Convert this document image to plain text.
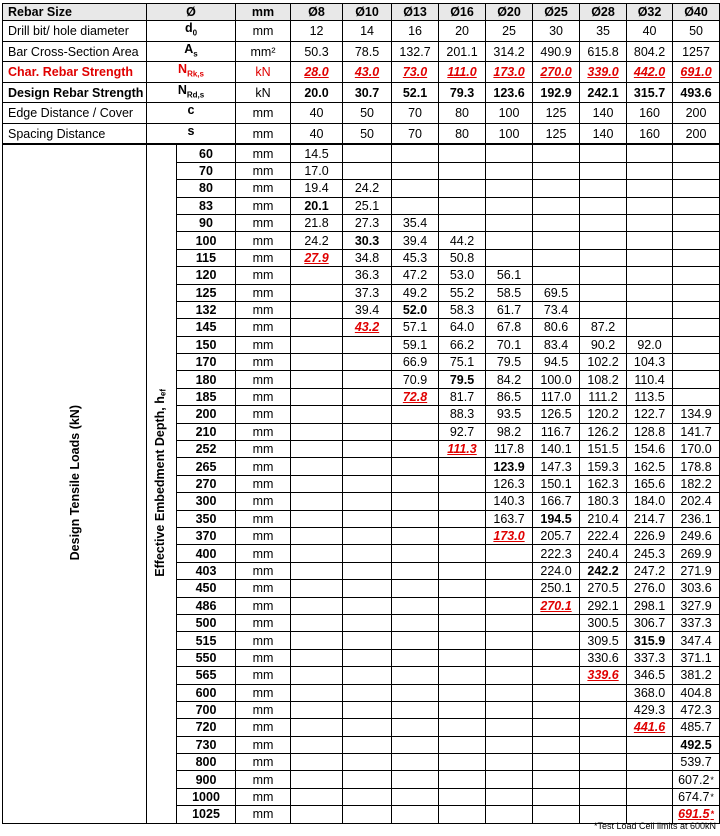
Rebar Size	Ø		mm	Ø8	Ø10	Ø13	Ø16	Ø20	Ø25	Ø28	Ø32	Ø40
Drill bit/ hole diameter	$d_0$		mm	12	14	16	20	25	30	35	40	50
Bar Cross-Section Area	$A_s$		mm²	50.3	78.5	132.7	201.1	314.2	490.9	615.8	804.2	1257
Char. Rebar Strength	$N_{Rk,s}$		kN	28.0	43.0	73.0	111.0	173.0	270.0	339.0	442.0	691.0
Design Rebar Strength	$N_{Rd,s}$		kN	20.0	30.7	52.1	79.3	123.6	192.9	242.1	315.7	493.6
Edge Distance / Cover	c		mm	40	50	70	80	100	125	140	160	200
Spacing Distance	s		mm	40	50	70	80	100	125	140	160	200
Design Tensile Loads (kN)	Effective Embedment Depth, $h_{ef}$	60	mm	14.5								
		70	mm	17.0								
		80	mm	19.4	24.2							
		83	mm	20.1	25.1							
		90	mm	21.8	27.3	35.4						
		100	mm	24.2	30.3	39.4	44.2					
		115	mm	27.9	34.8	45.3	50.8					
		120	mm		36.3	47.2	53.0	56.1				
		125	mm		37.3	49.2	55.2	58.5	69.5			
		132	mm		39.4	52.0	58.3	61.7	73.4			
		145	mm		43.2	57.1	64.0	67.8	80.6	87.2		
		150	mm			59.1	66.2	70.1	83.4	90.2	92.0	
		170	mm			66.9	75.1	79.5	94.5	102.2	104.3	
		180	mm			70.9	79.5	84.2	100.0	108.2	110.4	
		185	mm			72.8	81.7	86.5	117.0	111.2	113.5	
		200	mm				88.3	93.5	126.5	120.2	122.7	134.9
		210	mm				92.7	98.2	116.7	126.2	128.8	141.7
		252	mm				111.3	117.8	140.1	151.5	154.6	170.0
		265	mm					123.9	147.3	159.3	162.5	178.8
		270	mm					126.3	150.1	162.3	165.6	182.2
		300	mm					140.3	166.7	180.3	184.0	202.4
		350	mm					163.7	194.5	210.4	214.7	236.1
		370	mm					173.0	205.7	222.4	226.9	249.6
		400	mm						222.3	240.4	245.3	269.9
		403	mm						224.0	242.2	247.2	271.9
		450	mm						250.1	270.5	276.0	303.6
		486	mm						270.1	292.1	298.1	327.9
		500	mm							300.5	306.7	337.3
		515	mm							309.5	315.9	347.4
		550	mm							330.6	337.3	371.1
		565	mm							339.6	346.5	381.2
		600	mm								368.0	404.8
		700	mm								429.3	472.3
		720	mm								441.6	485.7
		730	mm									492.5
		800	mm									539.7
		900	mm									607.2*
		1000	mm									674.7*
		1025	mm									691.5*
*Test Load Cell limits at 600kN
